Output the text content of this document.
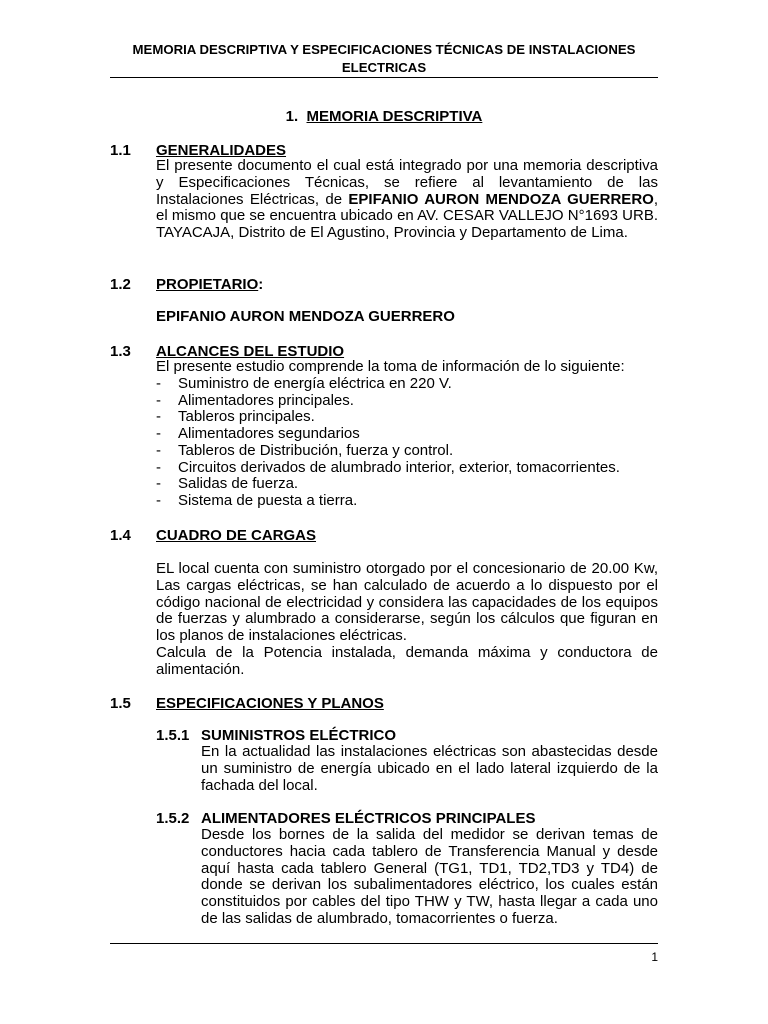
MEMORIA DESCRIPTIVA Y ESPECIFICACIONES TÉCNICAS DE INSTALACIONES
ELECTRICAS
1. MEMORIA DESCRIPTIVA
1.1 GENERALIDADES

El presente documento el cual está integrado por una memoria descriptiva y Especificaciones Técnicas, se refiere al levantamiento de las Instalaciones Eléctricas, de EPIFANIO AURON MENDOZA GUERRERO, el mismo que se encuentra ubicado en AV. CESAR VALLEJO N°1693 URB. TAYACAJA, Distrito de El Agustino, Provincia y Departamento de Lima.

1.2 PROPIETARIO:
EPIFANIO AURON MENDOZA GUERRERO
1.3 ALCANCES DEL ESTUDIO
El presente estudio comprende la toma de información de lo siguiente:
- Suministro de energía eléctrica en 220 V.
- Alimentadores principales.
- Tableros principales.
- Alimentadores segundarios
- Tableros de Distribución, fuerza y control.
- Circuitos derivados de alumbrado interior, exterior, tomacorrientes.
- Salidas de fuerza.
- Sistema de puesta a tierra.
1.4 CUADRO DE CARGAS

EL local cuenta con suministro otorgado por el concesionario de 20.00 Kw, Las cargas eléctricas, se han calculado de acuerdo a lo dispuesto por el código nacional de electricidad y considera las capacidades de los equipos de fuerzas y alumbrado a considerarse, según los cálculos que figuran en los planos de instalaciones eléctricas.

Calcula de la Potencia instalada, demanda máxima y conductora de alimentación.

1.5 ESPECIFICACIONES Y PLANOS
1.5.1 SUMINISTROS ELÉCTRICO

En la actualidad las instalaciones eléctricas son abastecidas desde un suministro de energía ubicado en el lado lateral izquierdo de la fachada del local.

1.5.2 ALIMENTADORES ELÉCTRICOS PRINCIPALES

Desde los bornes de la salida del medidor se derivan temas de conductores hacia cada tablero de Transferencia Manual y desde aquí hasta cada tablero General (TG1, TD1, TD2,TD3 y TD4) de donde se derivan los subalimentadores eléctrico, los cuales están constituidos por cables del tipo THW y TW, hasta llegar a cada uno de las salidas de alumbrado, tomacorrientes o fuerza.

1
